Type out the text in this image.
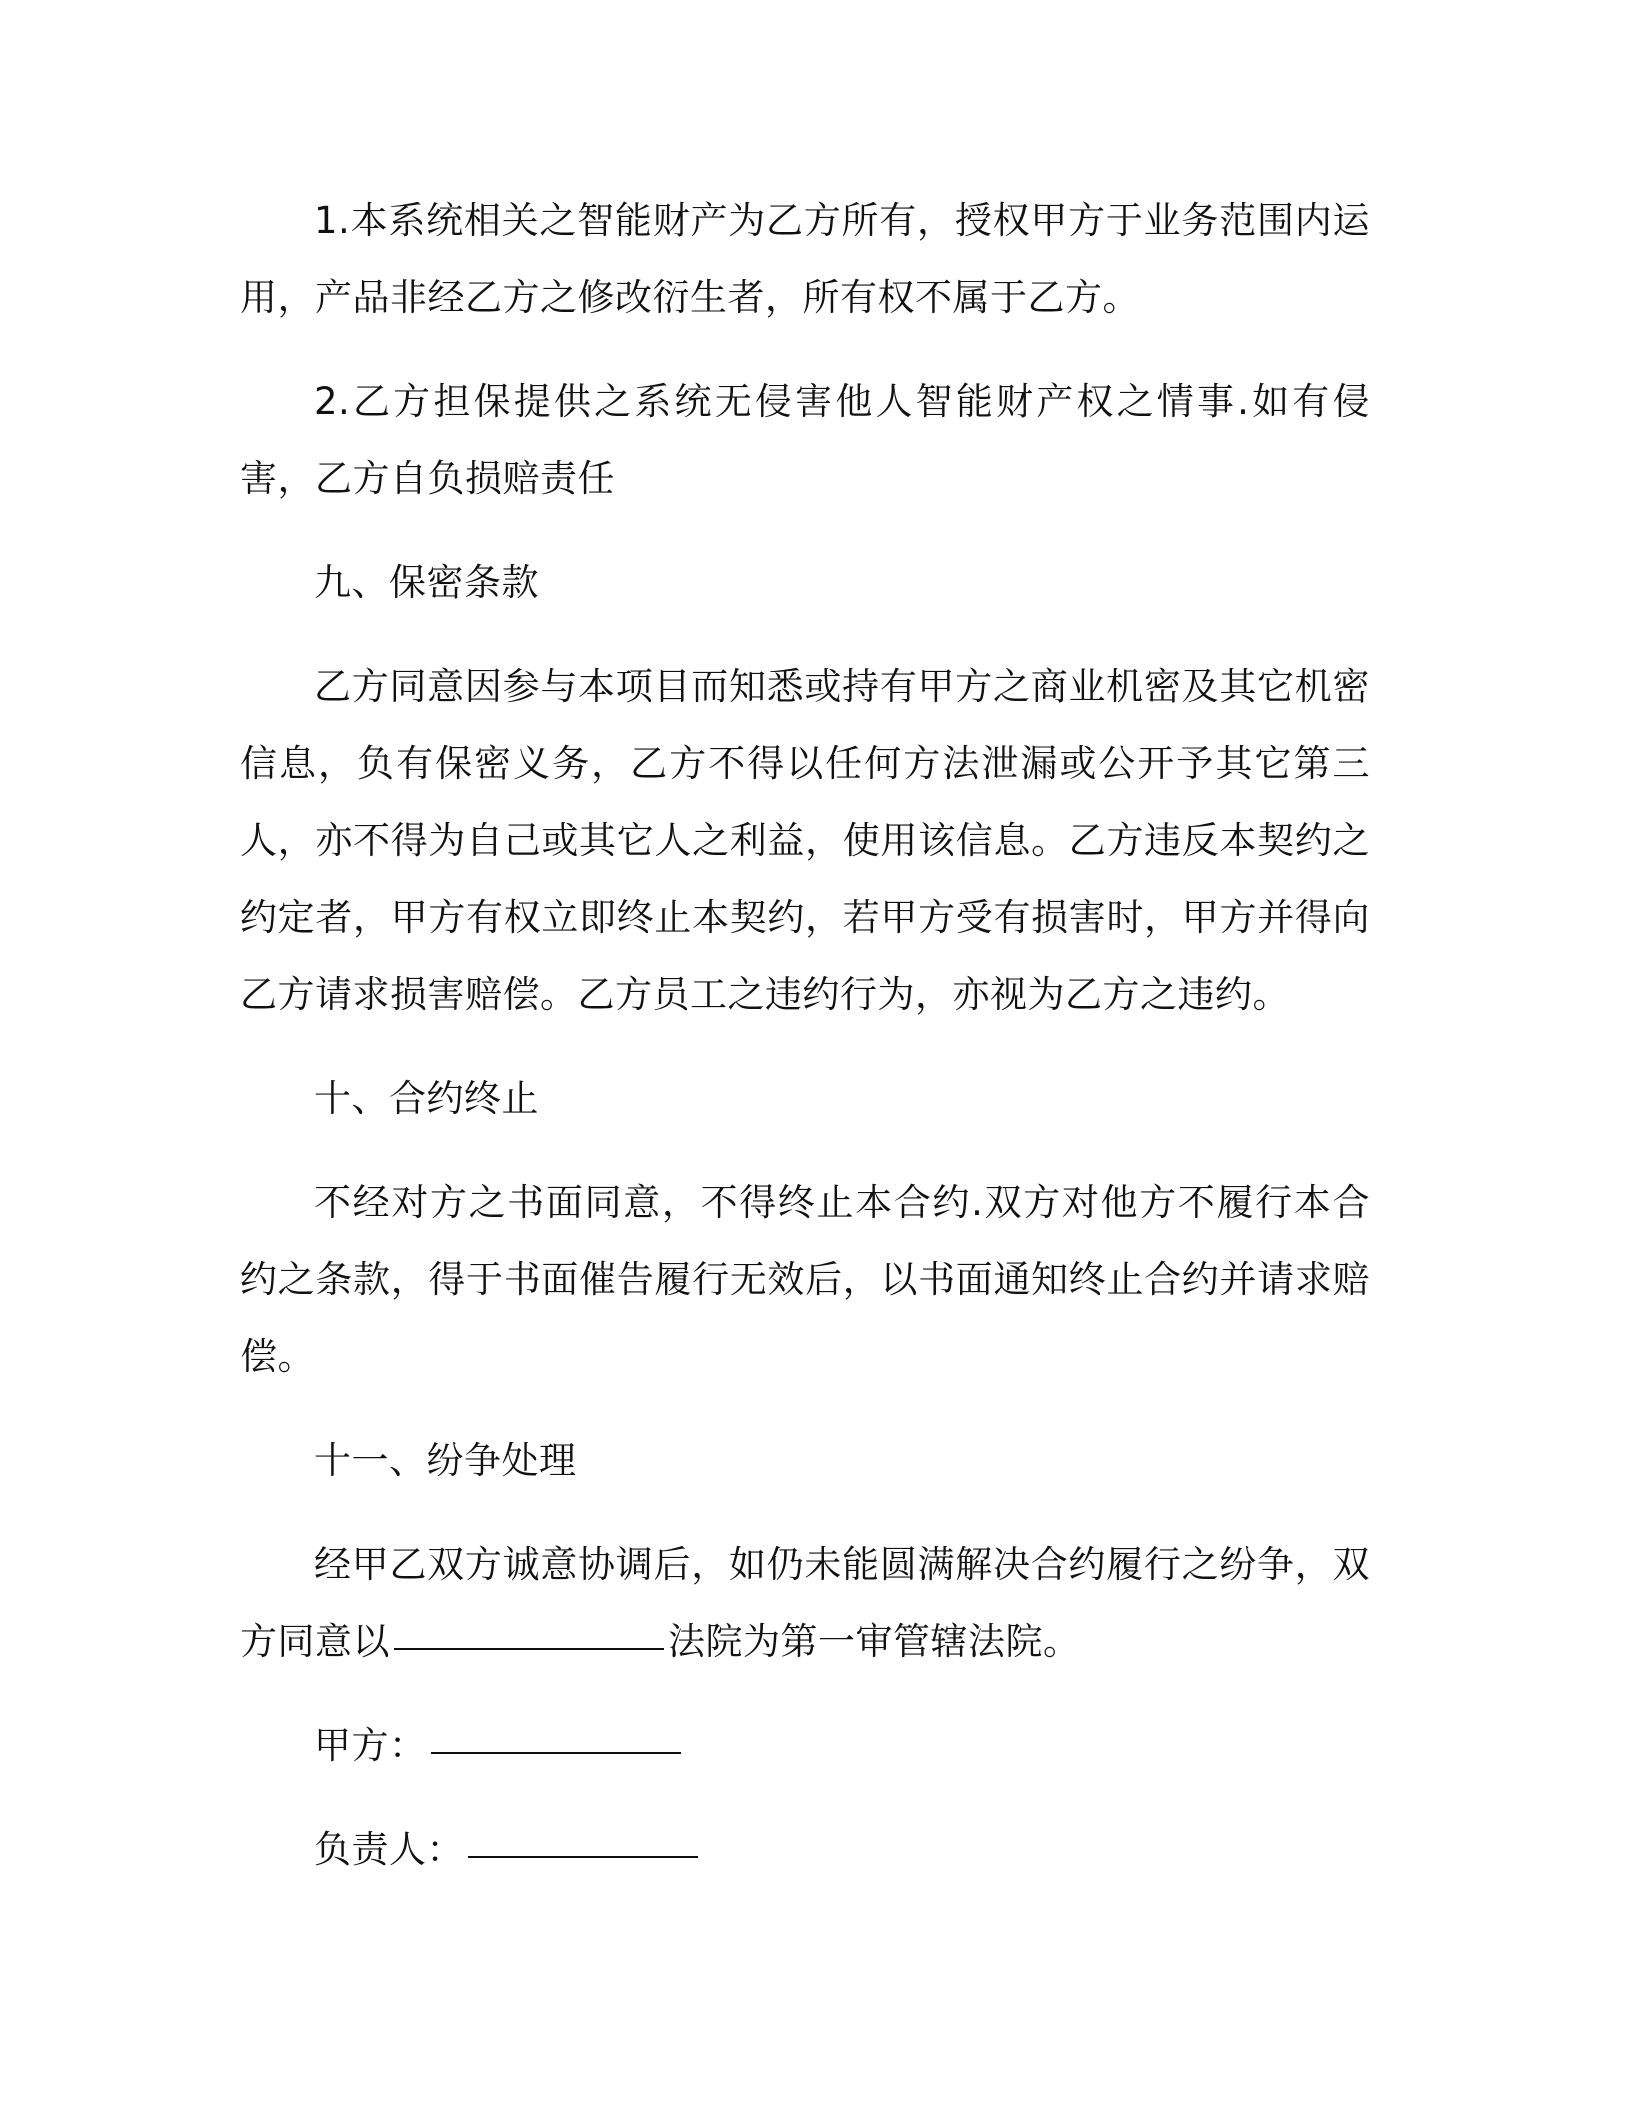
1.本系统相关之智能财产为乙方所有，授权甲方于业务范围内运用，产品非经乙方之修改衍生者，所有权不属于乙方。

2.乙方担保提供之系统无侵害他人智能财产权之情事.如有侵害，乙方自负损赔责任

九、保密条款

乙方同意因参与本项目而知悉或持有甲方之商业机密及其它机密信息，负有保密义务，乙方不得以任何方法泄漏或公开予其它第三人，亦不得为自己或其它人之利益，使用该信息。乙方违反本契约之约定者，甲方有权立即终止本契约，若甲方受有损害时，甲方并得向乙方请求损害赔偿。乙方员工之违约行为，亦视为乙方之违约。

十、合约终止

不经对方之书面同意，不得终止本合约.双方对他方不履行本合约之条款，得于书面催告履行无效后，以书面通知终止合约并请求赔偿。

十一、纷争处理

经甲乙双方诚意协调后，如仍未能圆满解决合约履行之纷争，双方同意以	法院为第一审管辖法院。

甲方：

负责人：
